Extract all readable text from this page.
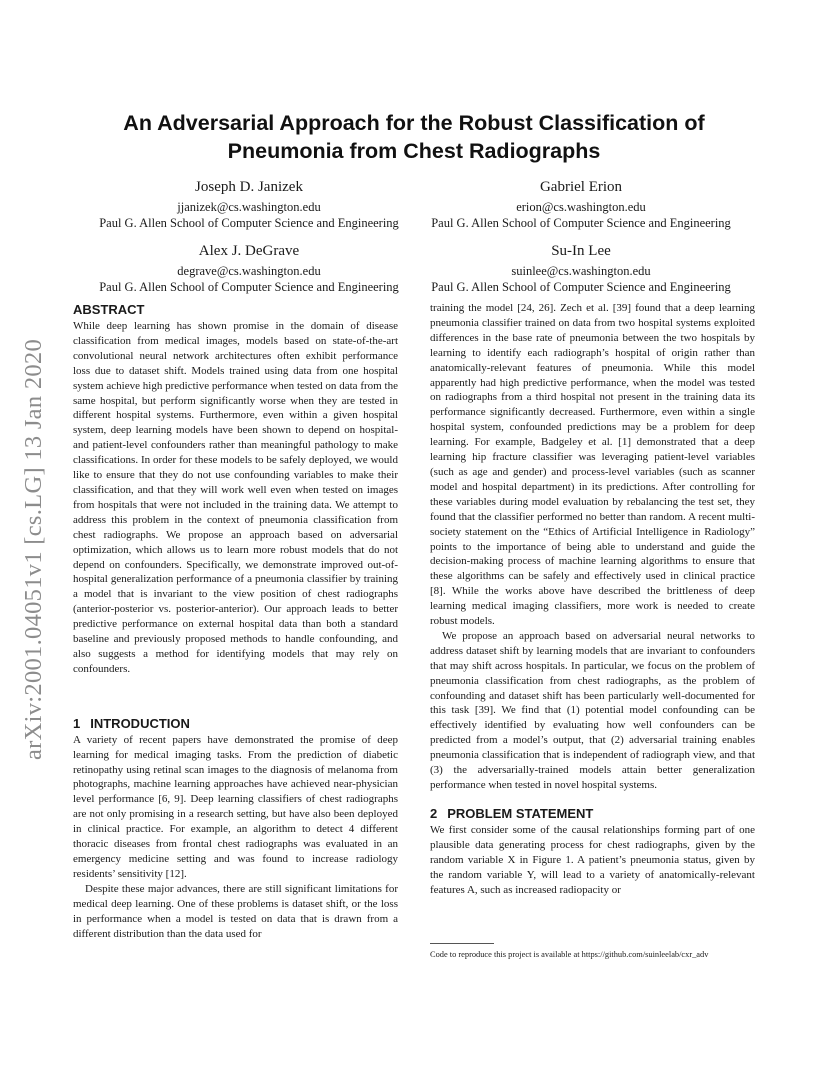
arXiv:2001.04051v1 [cs.LG] 13 Jan 2020
An Adversarial Approach for the Robust Classification of
Pneumonia from Chest Radiographs
Joseph D. Janizek
jjanizek@cs.washington.edu
Paul G. Allen School of Computer Science and Engineering
Gabriel Erion
erion@cs.washington.edu
Paul G. Allen School of Computer Science and Engineering
Alex J. DeGrave
degrave@cs.washington.edu
Paul G. Allen School of Computer Science and Engineering
Su-In Lee
suinlee@cs.washington.edu
Paul G. Allen School of Computer Science and Engineering
ABSTRACT

While deep learning has shown promise in the domain of disease classification from medical images, models based on state-of-the-art convolutional neural network architectures often exhibit performance loss due to dataset shift. Models trained using data from one hospital system achieve high predictive performance when tested on data from the same hospital, but perform significantly worse when they are tested in different hospital systems. Furthermore, even within a given hospital system, deep learning models have been shown to depend on hospital- and patient-level confounders rather than meaningful pathology to make classifications. In order for these models to be safely deployed, we would like to ensure that they do not use confounding variables to make their classification, and that they will work well even when tested on images from hospitals that were not included in the training data. We attempt to address this problem in the context of pneumonia classification from chest radiographs. We propose an approach based on adversarial optimization, which allows us to learn more robust models that do not depend on confounders. Specifically, we demonstrate improved out-of-hospital generalization performance of a pneumonia classifier by training a model that is invariant to the view position of chest radiographs (anterior-posterior vs. posterior-anterior). Our approach leads to better predictive performance on external hospital data than both a standard baseline and previously proposed methods to handle confounding, and also suggests a method for identifying models that may rely on confounders.

1 INTRODUCTION

A variety of recent papers have demonstrated the promise of deep learning for medical imaging tasks. From the prediction of diabetic retinopathy using retinal scan images to the diagnosis of melanoma from photographs, machine learning approaches have achieved near-physician level performance [6, 9]. Deep learning classifiers of chest radiographs are not only promising in a research setting, but have also been deployed in clinical practice. For example, an algorithm to detect 4 different thoracic diseases from frontal chest radiographs was evaluated in an emergency medicine setting and was found to increase radiology residents’ sensitivity [12].

Despite these major advances, there are still significant limitations for medical deep learning. One of these problems is dataset shift, or the loss in performance when a model is tested on data that is drawn from a different distribution than the data used for

training the model [24, 26]. Zech et al. [39] found that a deep learning pneumonia classifier trained on data from two hospital systems exploited differences in the base rate of pneumonia between the two hospitals by learning to identify each radiograph’s hospital of origin rather than anatomically-relevant features of pneumonia. While this model apparently had high predictive performance, when the model was tested on radiographs from a third hospital not present in the training data its performance significantly decreased. Furthermore, even within a single hospital system, confounded predictions may be a problem for deep learning. For example, Badgeley et al. [1] demonstrated that a deep learning hip fracture classifier was leveraging patient-level variables (such as age and gender) and process-level variables (such as scanner model and hospital department) in its predictions. After controlling for these variables during model evaluation by rebalancing the test set, they found that the classifier performed no better than random. A recent multi-society statement on the “Ethics of Artificial Intelligence in Radiology” points to the importance of being able to understand and guide the decision-making process of machine learning algorithms to ensure that these algorithms can be safely and effectively used in clinical practice [8]. While the works above have described the brittleness of deep learning medical imaging classifiers, more work is needed to create robust models.

We propose an approach based on adversarial neural networks to address dataset shift by learning models that are invariant to confounders that may shift across hospitals. In particular, we focus on the problem of pneumonia classification from chest radiographs, as the problem of confounding and dataset shift has been particularly well-documented for this task [39]. We find that (1) potential model confounding can be effectively identified by evaluating how well confounders can be predicted from a model’s output, that (2) adversarial training enables pneumonia classification that is independent of radiograph view, and that (3) the adversarially-trained models attain better generalization performance when tested in novel hospital systems.

2 PROBLEM STATEMENT

We first consider some of the causal relationships forming part of one plausible data generating process for chest radiographs, given by the random variable X in Figure 1. A patient’s pneumonia status, given by the random variable Y, will lead to a variety of anatomically-relevant features A, such as increased radiopacity or

Code to reproduce this project is available at https://github.com/suinleelab/cxr_adv
